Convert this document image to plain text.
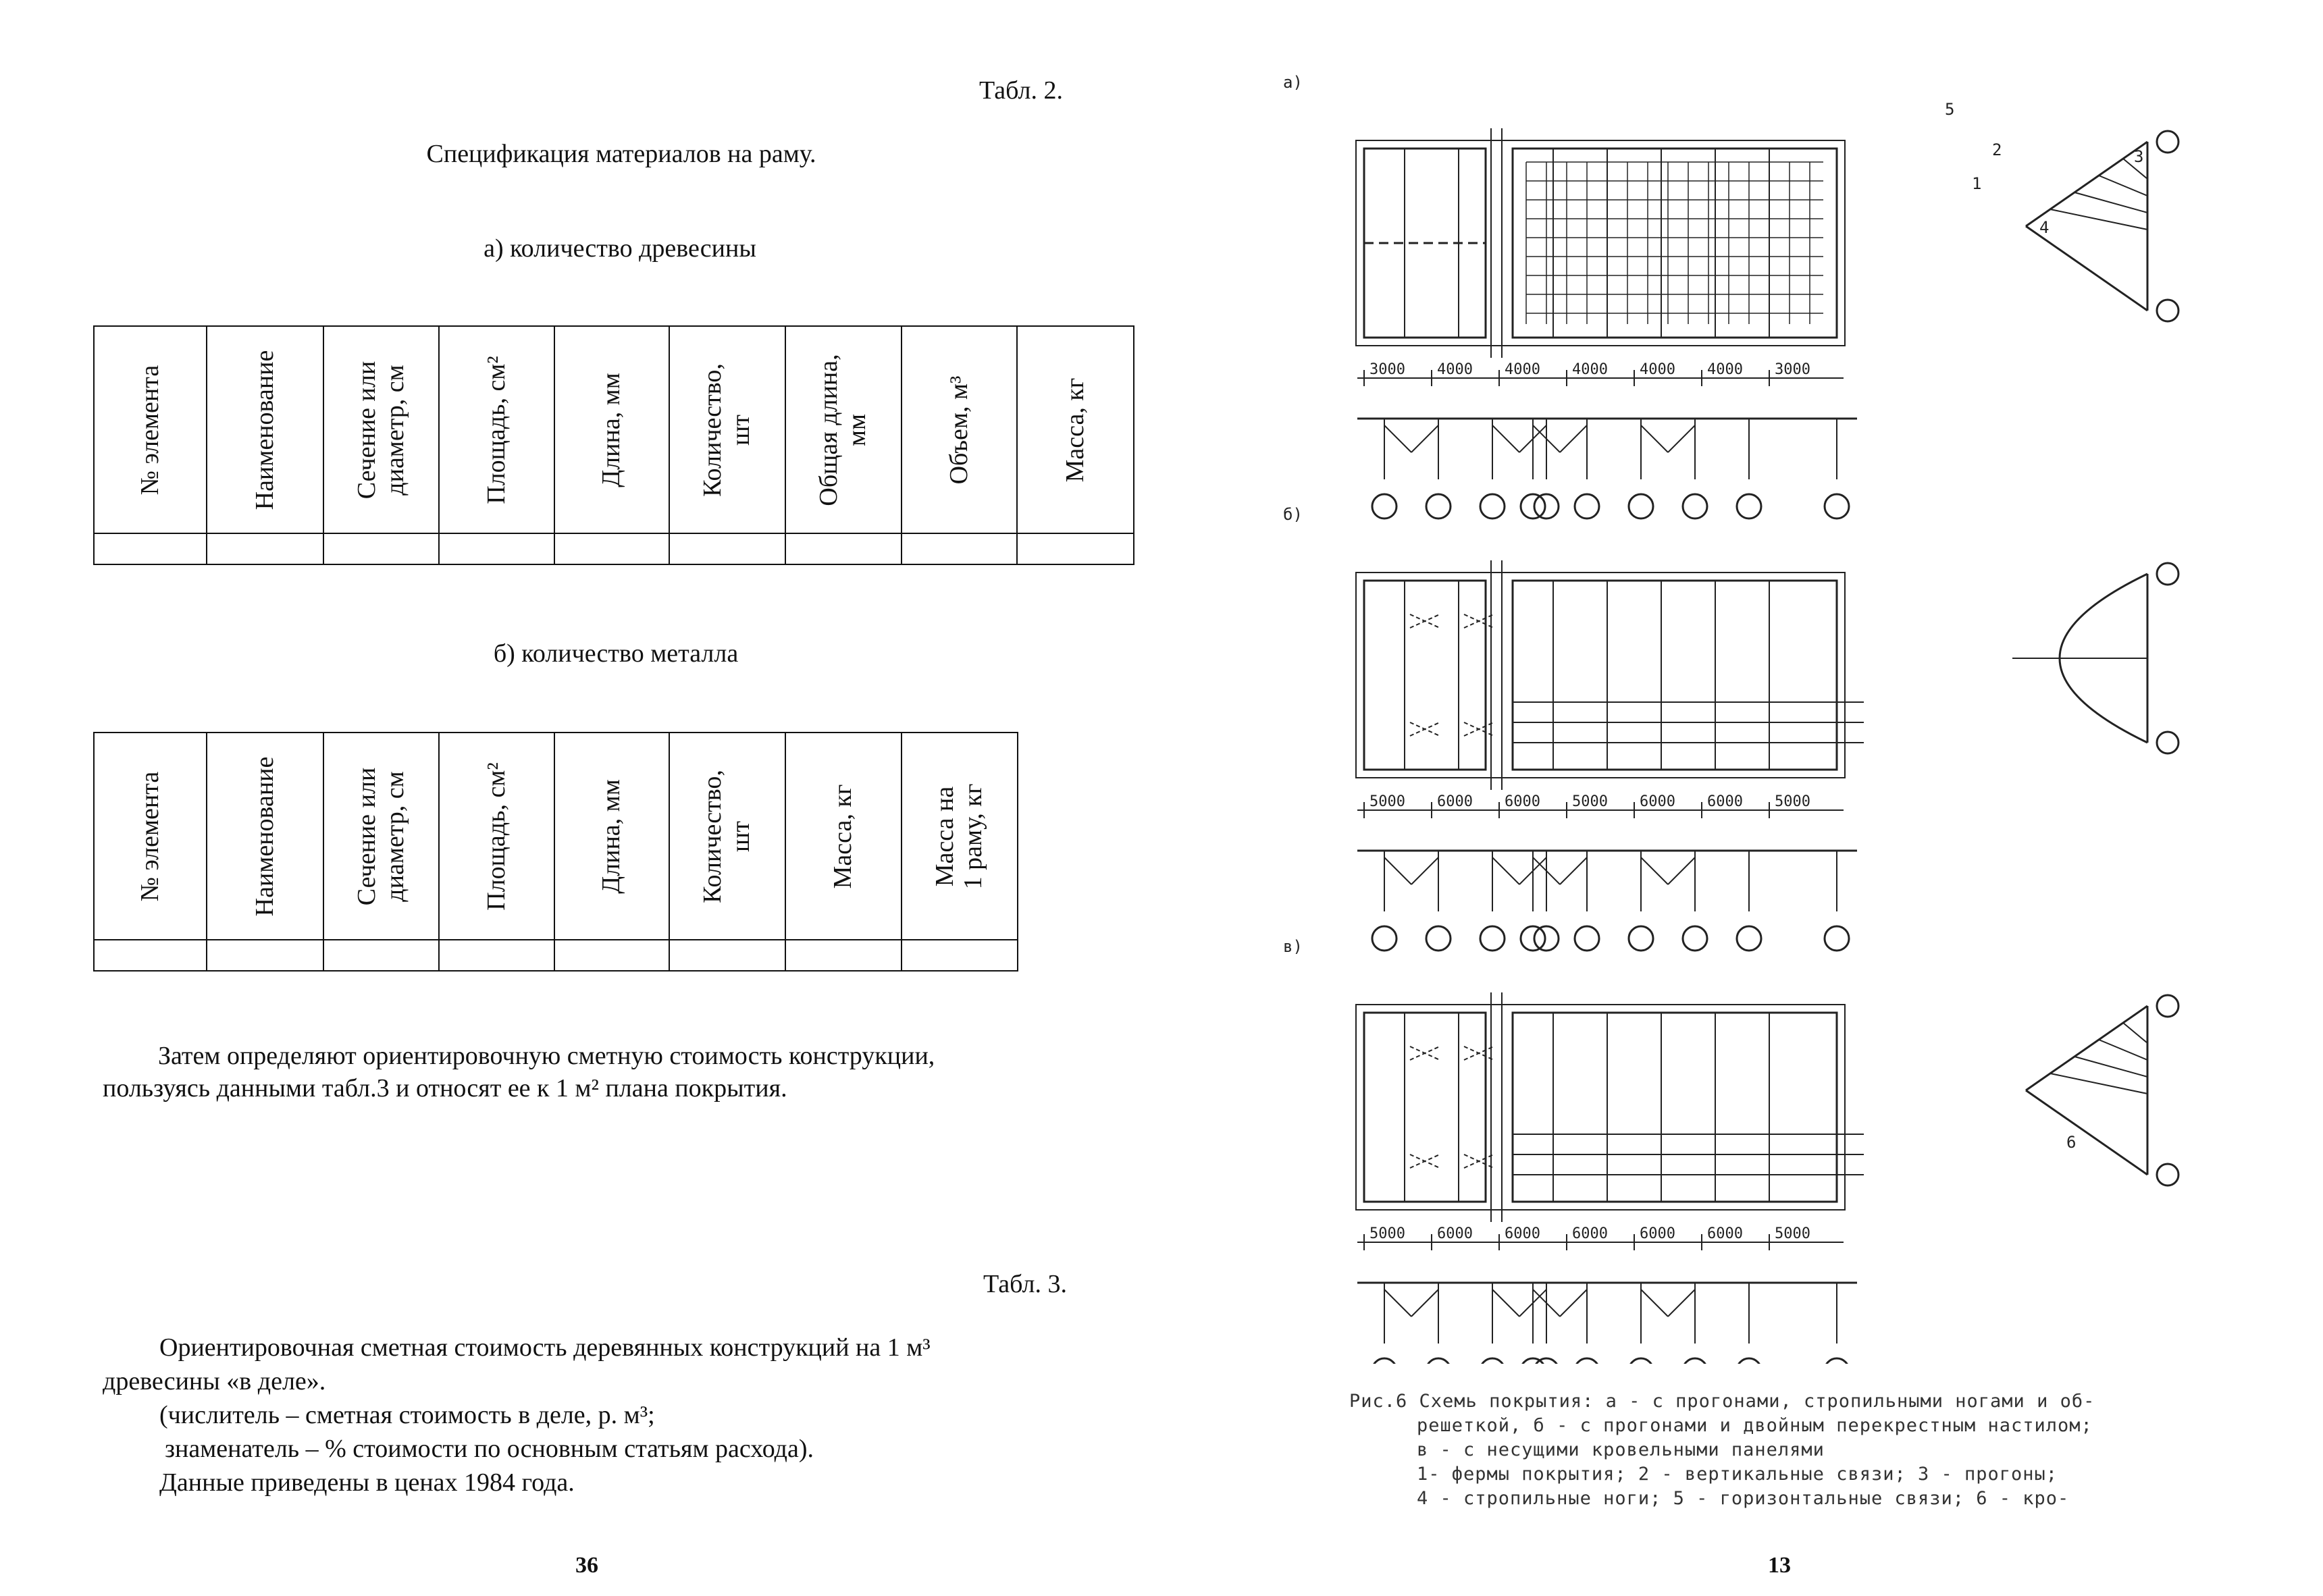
Табл. 2.
Спецификация материалов на раму.
а) количество древесины
№ элемента	Наименование	Сечение или диаметр, см	Площадь, см²	Длина, мм	Количество, шт	Общая длина, мм	Объем, м³	Масса, кг

б) количество металла
№ элемента	Наименование	Сечение или диаметр, см	Площадь, см²	Длина, мм	Количество, шт	Масса, кг	Масса на 1 раму, кг

Затем определяют ориентировочную сметную стоимость конструкции, пользуясь данными табл.3 и относят ее к 1 м² плана покрытия.
Табл. 3.
Ориентировочная сметная стоимость деревянных конструкций на 1 м³
древесины «в деле».
(числитель – сметная стоимость в деле, р. м³;
знаменатель – % стоимости по основным статьям расхода).
Данные приведены в ценах 1984 года.
36
а)
3000 4000 4000 4000 4000 4000 3000
б)
5000 6000 6000 5000 6000 6000 5000
в)
5000 6000 6000 6000 6000 6000 5000
1
2	3
4
5
6
Рис.6 Схемь покрытия: а - с прогонами, стропильными ногами и об-
решеткой, б - с прогонами и двойным перекрестным настилом;
в - с несущими кровельными панелями
1- фермы покрытия; 2 - вертикальные связи; 3 - прогоны;
4 - стропильные ноги; 5 - горизонтальные связи; 6 - кро-
13
